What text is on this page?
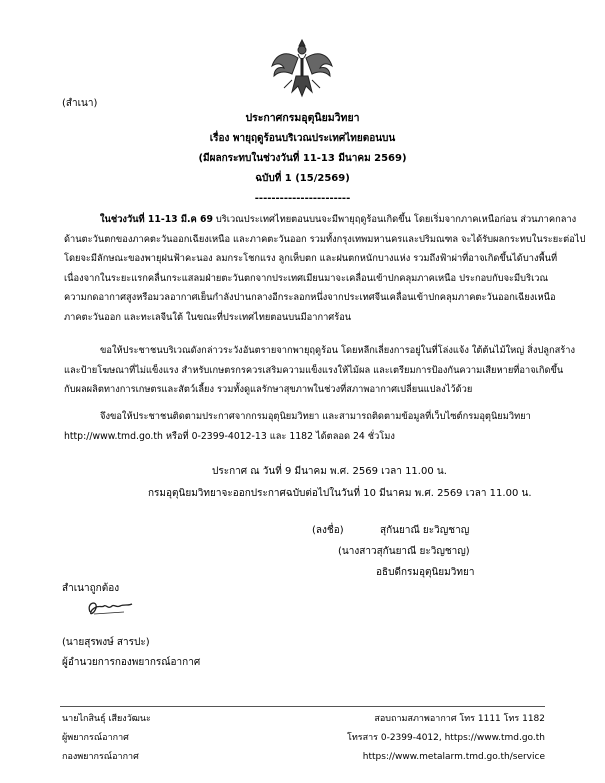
(สำเนา)
ประกาศกรมอุตุนิยมวิทยา
เรื่อง พายุฤดูร้อนบริเวณประเทศไทยตอนบน
(มีผลกระทบในช่วงวันที่ 11-13 มีนาคม 2569)
ฉบับที่ 1 (15/2569)
-----------------------
ในช่วงวันที่ 11-13 มี.ค 69 บริเวณประเทศไทยตอนบนจะมีพายุฤดูร้อนเกิดขึ้น โดยเริ่มจากภาคเหนือก่อน ส่วนภาคกลาง
ด้านตะวันตกของภาคตะวันออกเฉียงเหนือ และภาคตะวันออก รวมทั้งกรุงเทพมหานครและปริมณฑล จะได้รับผลกระทบในระยะต่อไป
โดยจะมีลักษณะของพายุฝนฟ้าคะนอง ลมกระโชกแรง ลูกเห็บตก และฝนตกหนักบางแห่ง รวมถึงฟ้าผ่าที่อาจเกิดขึ้นได้บางพื้นที่
เนื่องจากในระยะแรกคลื่นกระแสลมฝ่ายตะวันตกจากประเทศเมียนมาจะเคลื่อนเข้าปกคลุมภาคเหนือ ประกอบกับจะมีบริเวณ
ความกดอากาศสูงหรือมวลอากาศเย็นกำลังปานกลางอีกระลอกหนึ่งจากประเทศจีนเคลื่อนเข้าปกคลุมภาคตะวันออกเฉียงเหนือ
ภาคตะวันออก และทะเลจีนใต้ ในขณะที่ประเทศไทยตอนบนมีอากาศร้อน
ขอให้ประชาชนบริเวณดังกล่าวระวังอันตรายจากพายุฤดูร้อน โดยหลีกเลี่ยงการอยู่ในที่โล่งแจ้ง ใต้ต้นไม้ใหญ่ สิ่งปลูกสร้าง
และป้ายโฆษณาที่ไม่แข็งแรง สำหรับเกษตรกรควรเสริมความแข็งแรงให้ไม้ผล และเตรียมการป้องกันความเสียหายที่อาจเกิดขึ้น
กับผลผลิตทางการเกษตรและสัตว์เลี้ยง รวมทั้งดูแลรักษาสุขภาพในช่วงที่สภาพอากาศเปลี่ยนแปลงไว้ด้วย
จึงขอให้ประชาชนติดตามประกาศจากกรมอุตุนิยมวิทยา และสามารถติดตามข้อมูลที่เว็บไซต์กรมอุตุนิยมวิทยา
http://www.tmd.go.th หรือที่ 0-2399-4012-13 และ 1182 ได้ตลอด 24 ชั่วโมง
ประกาศ ณ วันที่ 9 มีนาคม พ.ศ. 2569 เวลา 11.00 น.
กรมอุตุนิยมวิทยาจะออกประกาศฉบับต่อไปในวันที่ 10 มีนาคม พ.ศ. 2569 เวลา 11.00 น.
(ลงชื่อ)	สุกันยาณี ยะวิญชาญ
(นางสาวสุกันยาณี ยะวิญชาญ)
อธิบดีกรมอุตุนิยมวิทยา
สำเนาถูกต้อง
(นายสุรพงษ์ สารปะ)
ผู้อำนวยการกองพยากรณ์อากาศ
นายไกสินธุ์ เสียงวัฒนะ
ผู้พยากรณ์อากาศ
กองพยากรณ์อากาศ
สอบถามสภาพอากาศ โทร 1111 โทร 1182
โทรสาร 0-2399-4012, https://www.tmd.go.th
https://www.metalarm.tmd.go.th/service
